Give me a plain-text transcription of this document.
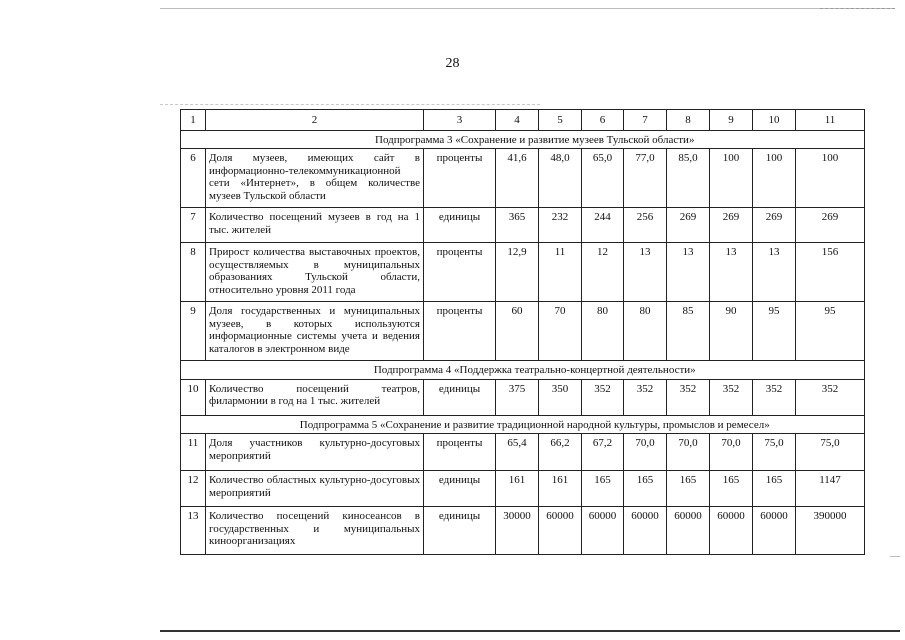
28
1	2	3	4	5	6	7	8	9	10	11
	Подпрограмма 3 «Сохранение и развитие музеев Тульской области»									
6	Доля музеев, имеющих сайт в информационно-телекоммуникационной сети «Интернет», в общем количестве музеев Тульской области	проценты	41,6	48,0	65,0	77,0	85,0	100	100	100
7	Количество посещений музеев в год на 1 тыс. жителей	единицы	365	232	244	256	269	269	269	269
8	Прирост количества выставочных проектов, осуществляемых в муниципальных образованиях Тульской области, относительно уровня 2011 года	проценты	12,9	11	12	13	13	13	13	156
9	Доля государственных и муниципальных музеев, в которых используются информационные системы учета и ведения каталогов в электронном виде	проценты	60	70	80	80	85	90	95	95
	Подпрограмма 4 «Поддержка театрально-концертной деятельности»									
10	Количество посещений театров, филармонии в год на 1 тыс. жителей	единицы	375	350	352	352	352	352	352	352
	Подпрограмма 5 «Сохранение и развитие традиционной народной культуры, промыслов и ремесел»									
11	Доля участников культурно-досуговых мероприятий	проценты	65,4	66,2	67,2	70,0	70,0	70,0	75,0	75,0
12	Количество областных культурно-досуговых мероприятий	единицы	161	161	165	165	165	165	165	1147
13	Количество посещений киносеансов в государственных и муниципальных киноорганизациях	единицы	30000	60000	60000	60000	60000	60000	60000	390000
